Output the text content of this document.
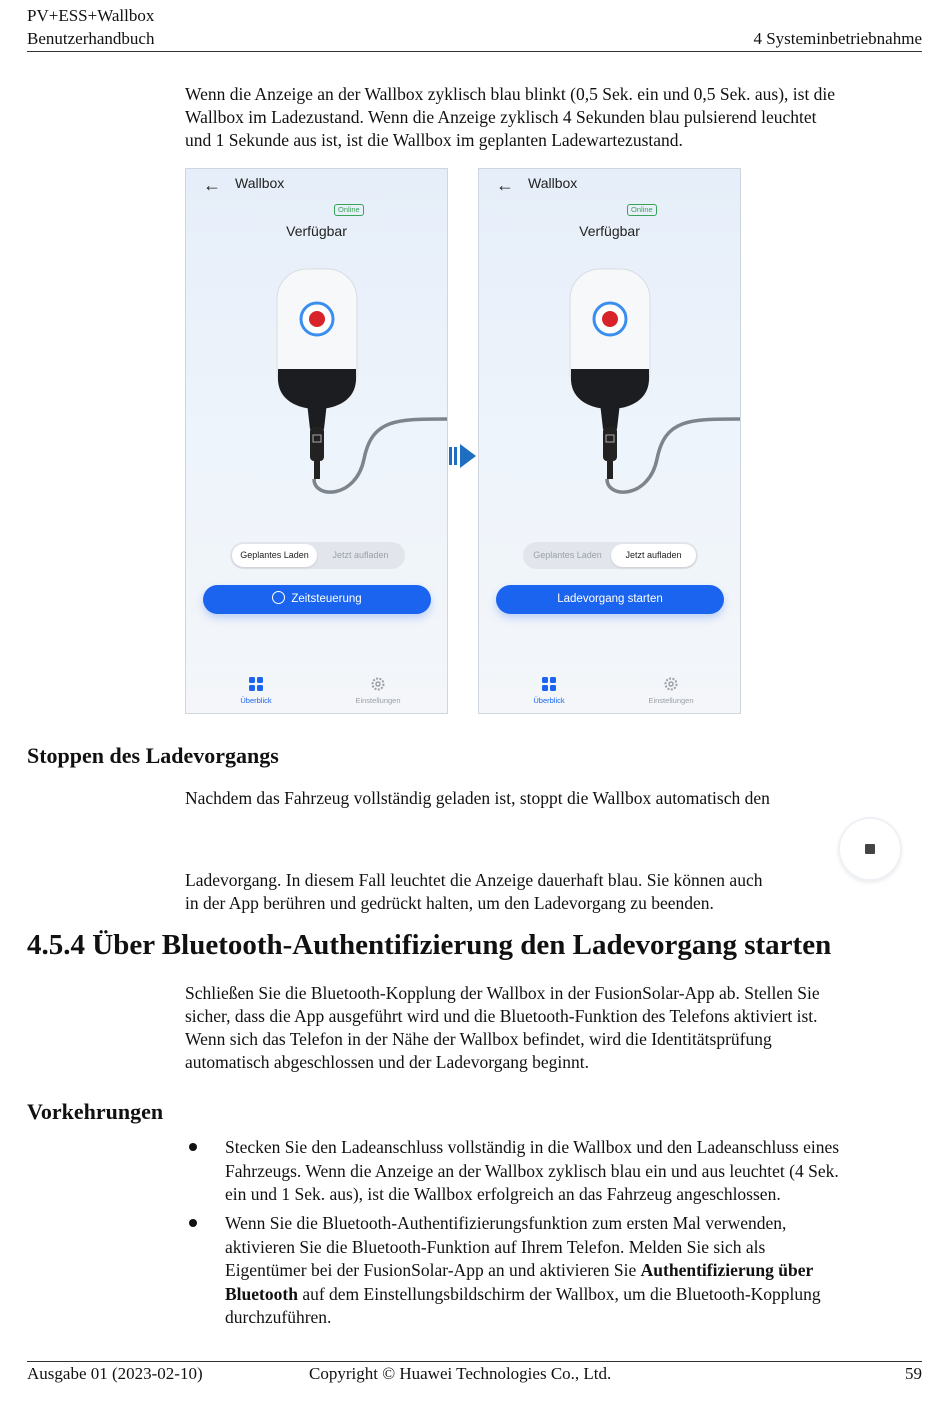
PV+ESS+Wallbox
Benutzerhandbuch	4 Systeminbetriebnahme
Wenn die Anzeige an der Wallbox zyklisch blau blinkt (0,5 Sek. ein und 0,5 Sek. aus), ist die
Wallbox im Ladezustand. Wenn die Anzeige zyklisch 4 Sekunden blau pulsierend leuchtet
und 1 Sekunde aus ist, ist die Wallbox im geplanten Ladewartezustand.
← Wallbox
Online
Verfügbar
Geplantes Laden	Jetzt aufladen
Zeitsteuerung
Überblick	Einstellungen
← Wallbox
Online
Verfügbar
Geplantes Laden	Jetzt aufladen
Ladevorgang starten
Überblick	Einstellungen
Stoppen des Ladevorgangs
Nachdem das Fahrzeug vollständig geladen ist, stoppt die Wallbox automatisch den
Ladevorgang. In diesem Fall leuchtet die Anzeige dauerhaft blau. Sie können auch
in der App berühren und gedrückt halten, um den Ladevorgang zu beenden.
4.5.4 Über Bluetooth-Authentifizierung den Ladevorgang starten
Schließen Sie die Bluetooth-Kopplung der Wallbox in der FusionSolar-App ab. Stellen Sie
sicher, dass die App ausgeführt wird und die Bluetooth-Funktion des Telefons aktiviert ist.
Wenn sich das Telefon in der Nähe der Wallbox befindet, wird die Identitätsprüfung
automatisch abgeschlossen und der Ladevorgang beginnt.
Vorkehrungen
Stecken Sie den Ladeanschluss vollständig in die Wallbox und den Ladeanschluss eines
Fahrzeugs. Wenn die Anzeige an der Wallbox zyklisch blau ein und aus leuchtet (4 Sek.
ein und 1 Sek. aus), ist die Wallbox erfolgreich an das Fahrzeug angeschlossen.
Wenn Sie die Bluetooth-Authentifizierungsfunktion zum ersten Mal verwenden,
aktivieren Sie die Bluetooth-Funktion auf Ihrem Telefon. Melden Sie sich als
Eigentümer bei der FusionSolar-App an und aktivieren Sie Authentifizierung über
Bluetooth auf dem Einstellungsbildschirm der Wallbox, um die Bluetooth-Kopplung
durchzuführen.
Ausgabe 01 (2023-02-10)	Copyright © Huawei Technologies Co., Ltd.	59
